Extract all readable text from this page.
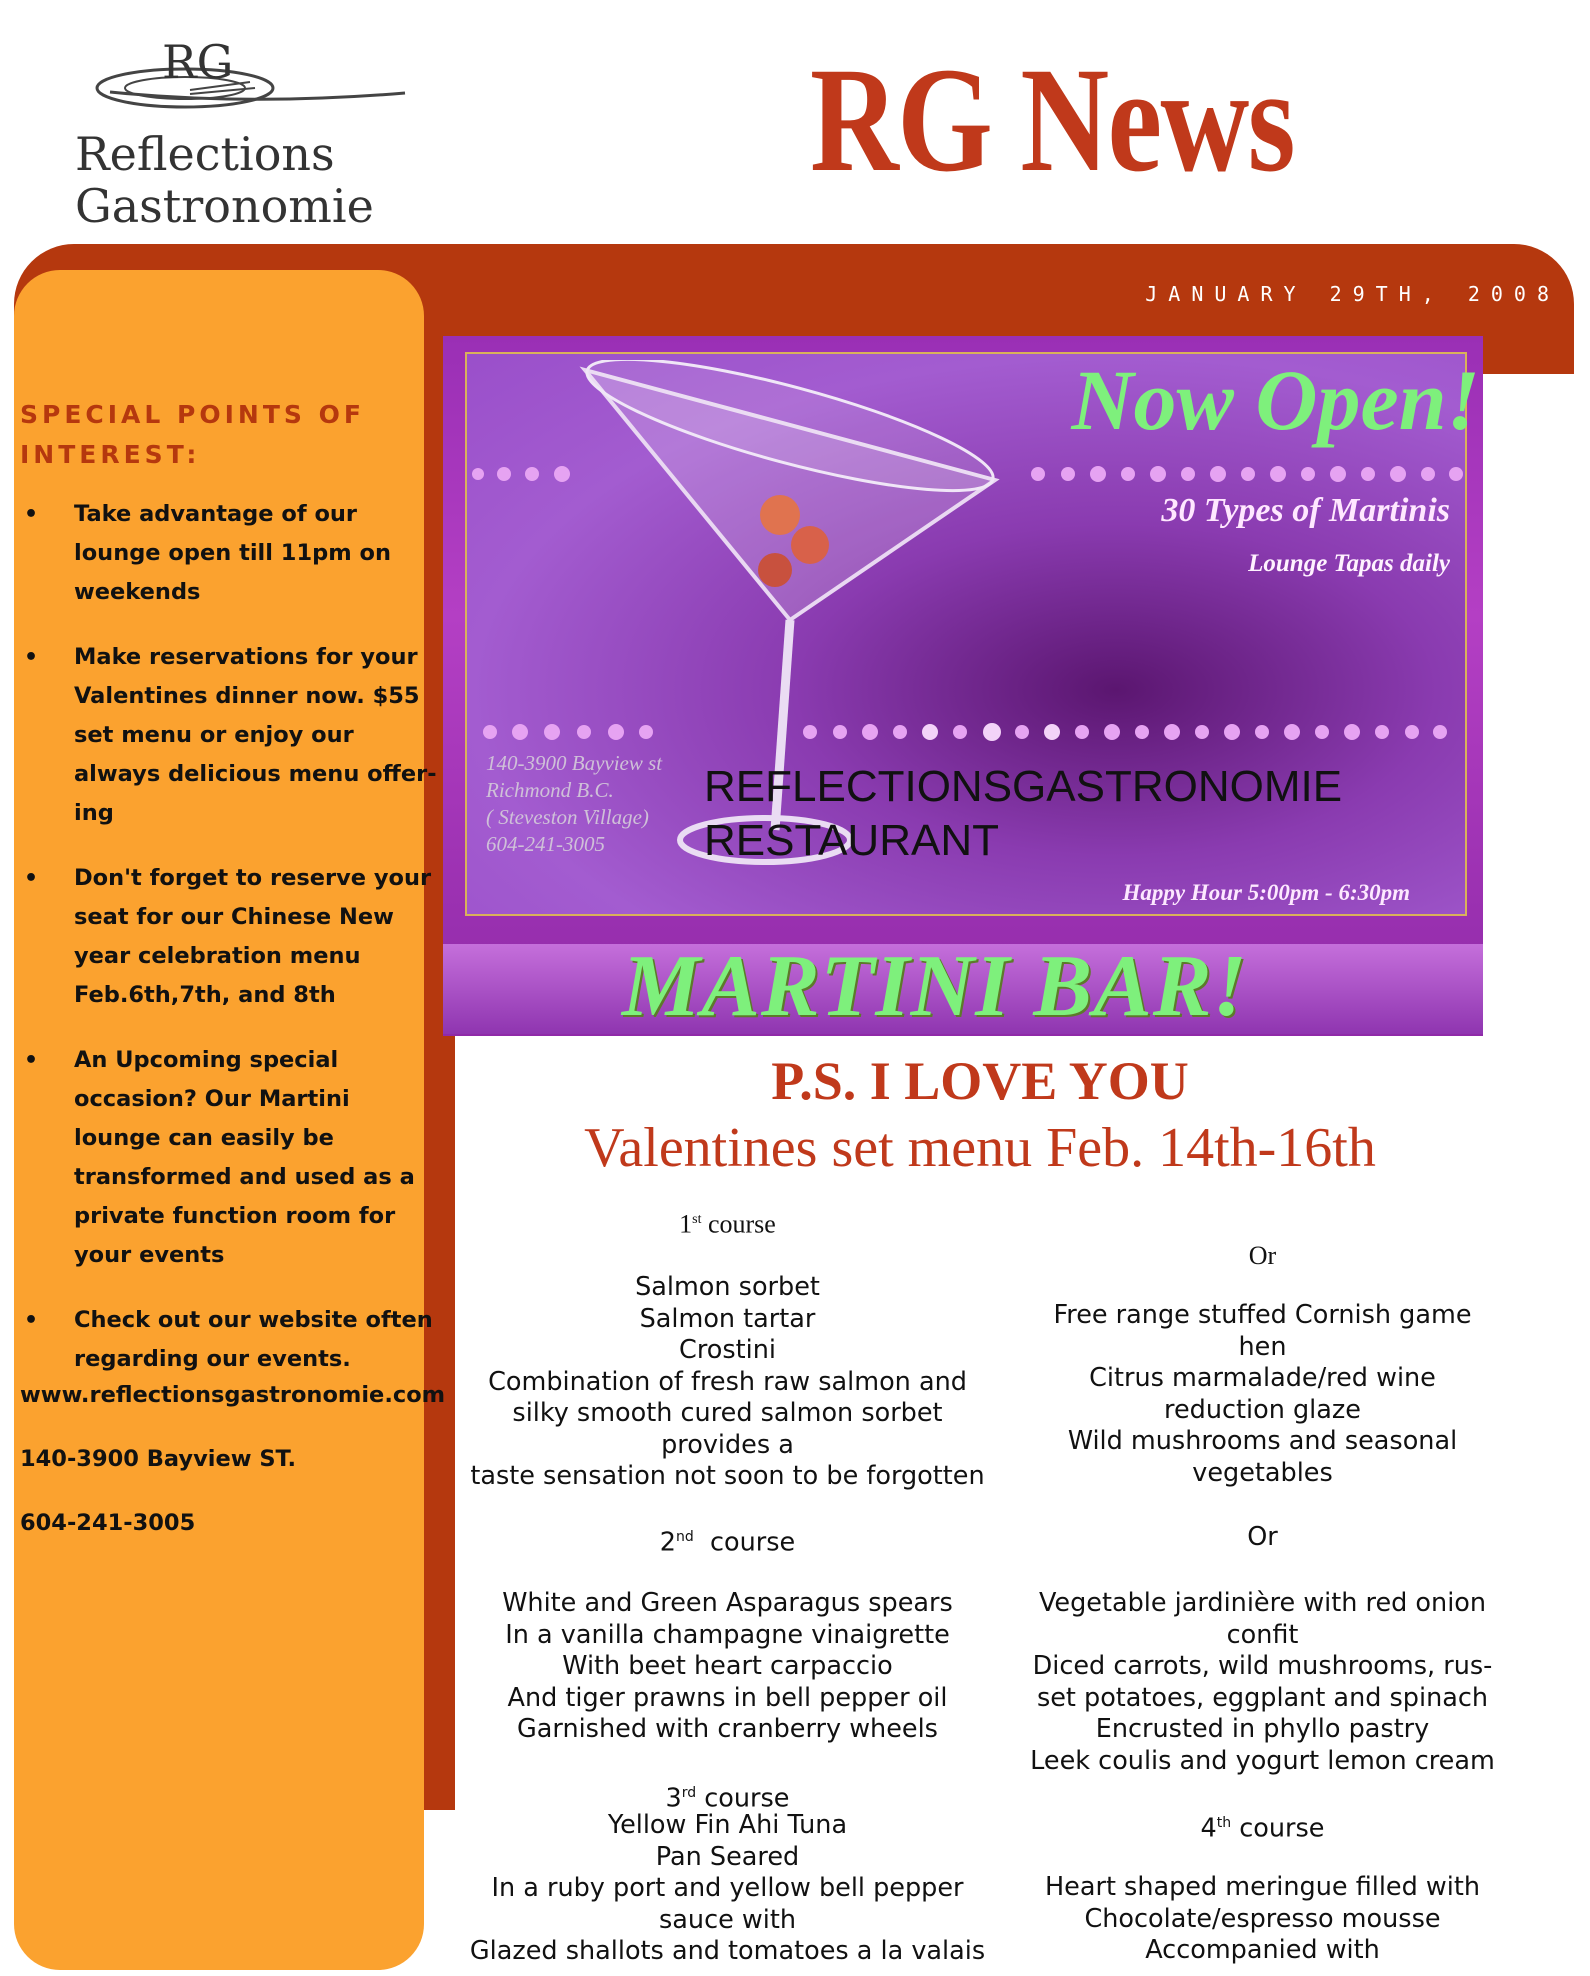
RG
Reflections
Gastronomie
RG News
JANUARY 29TH, 2008
SPECIAL POINTS OF INTEREST:
• Take advantage of our lounge open till 11pm on weekends
• Make reservations for your Valentines dinner now. $55 set menu or enjoy our always delicious menu offer-ing
• Don't forget to reserve your seat for our Chinese New year celebration menu Feb.6th,7th, and 8th
• An Upcoming special occasion? Our Martini lounge can easily be transformed and used as a private function room for your events
• Check out our website often regarding our events.
www.reflectionsgastronomie.com
140-3900 Bayview ST.
604-241-3005
Now Open!
30 Types of Martinis
Lounge Tapas daily
140-3900 Bayview st
Richmond B.C.
( Steveston Village)
604-241-3005
REFLECTIONSGASTRONOMIE
RESTAURANT
Happy Hour 5:00pm - 6:30pm
MARTINI BAR!
P.S. I LOVE YOU
Valentines set menu Feb. 14th-16th
1st course
Salmon sorbet
Salmon tartar
Crostini
Combination of fresh raw salmon and
silky smooth cured salmon sorbet
provides a
taste sensation not soon to be forgotten
2nd course
White and Green Asparagus spears
In a vanilla champagne vinaigrette
With beet heart carpaccio
And tiger prawns in bell pepper oil
Garnished with cranberry wheels
3rd course
Yellow Fin Ahi Tuna
Pan Seared
In a ruby port and yellow bell pepper
sauce with
Glazed shallots and tomatoes a la valais
Or
Free range stuffed Cornish game
hen
Citrus marmalade/red wine
reduction glaze
Wild mushrooms and seasonal
vegetables
Or
Vegetable jardinière with red onion
confit
Diced carrots, wild mushrooms, rus-
set potatoes, eggplant and spinach
Encrusted in phyllo pastry
Leek coulis and yogurt lemon cream
4th course
Heart shaped meringue filled with
Chocolate/espresso mousse
Accompanied with
